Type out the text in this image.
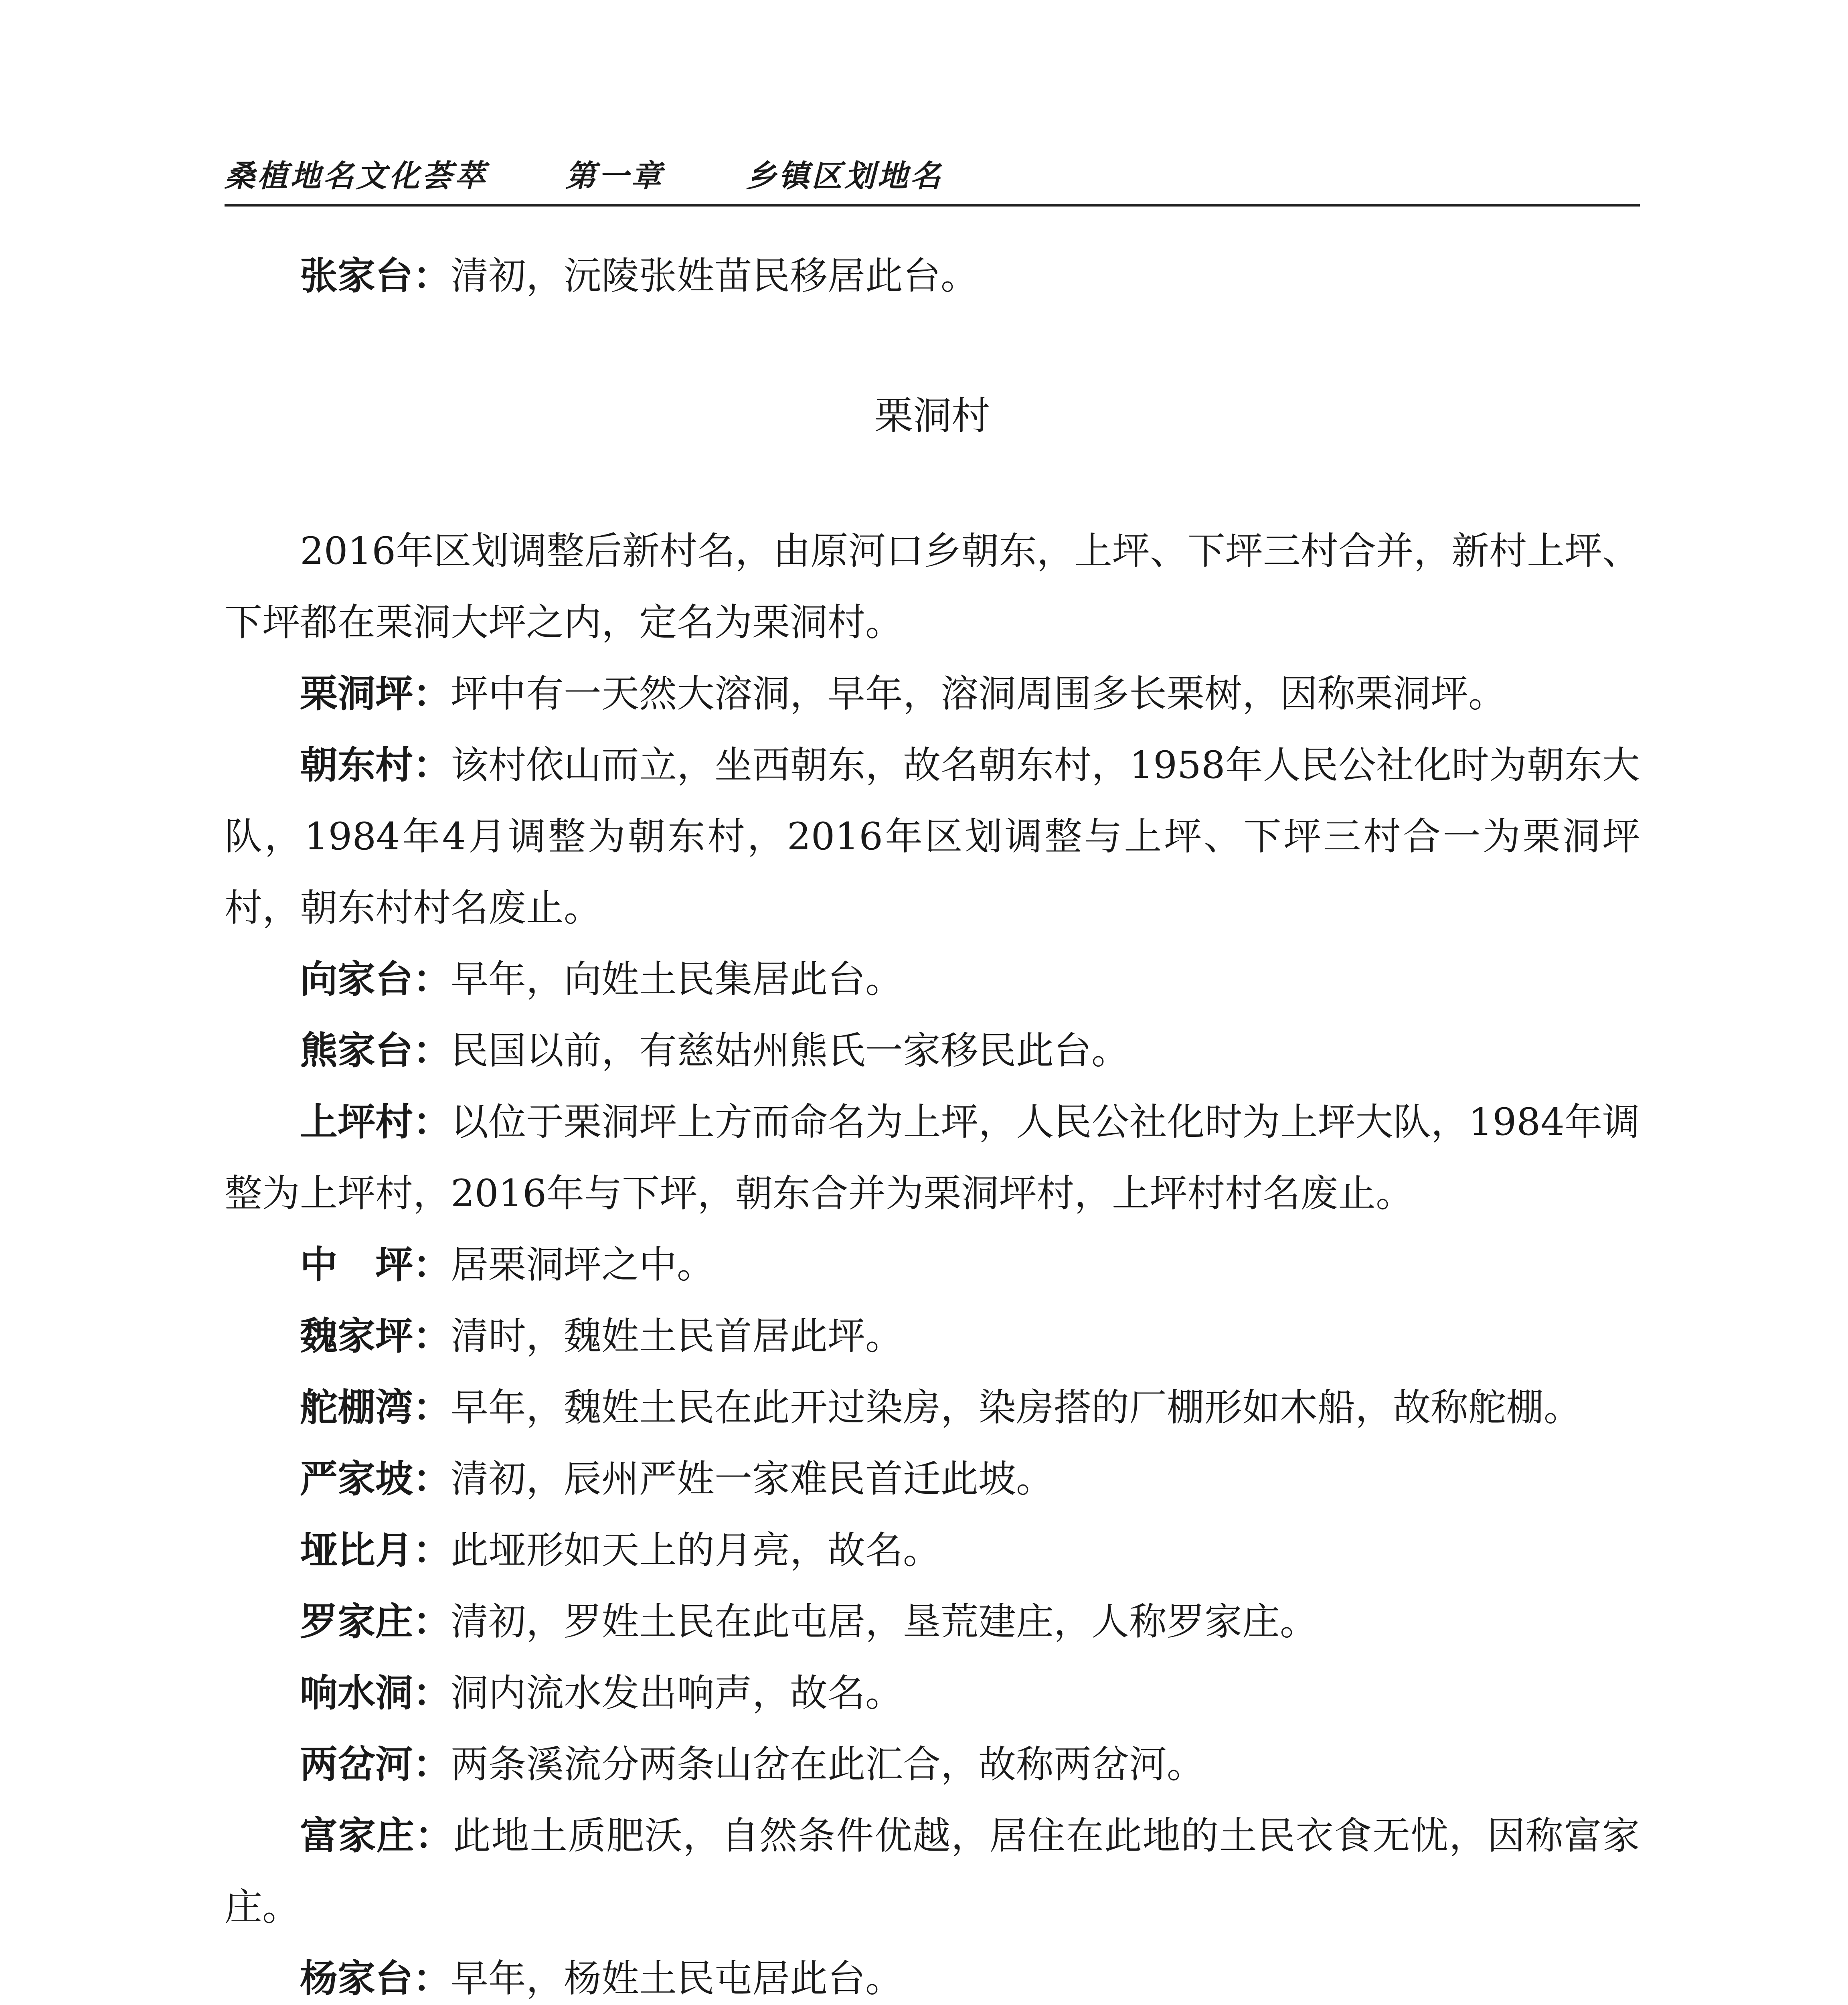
桑植地名文化荟萃	第一章	乡镇区划地名

张家台：清初，沅陵张姓苗民移居此台。

栗洞村

2016年区划调整后新村名，由原河口乡朝东，上坪、下坪三村合并，新村上坪、下坪都在栗洞大坪之内，定名为栗洞村。

栗洞坪：坪中有一天然大溶洞，早年，溶洞周围多长栗树，因称栗洞坪。

朝东村：该村依山而立，坐西朝东，故名朝东村，1958年人民公社化时为朝东大队，1984年4月调整为朝东村，2016年区划调整与上坪、下坪三村合一为栗洞坪村，朝东村村名废止。

向家台：早年，向姓土民集居此台。

熊家台：民国以前，有慈姑州熊氏一家移民此台。

上坪村：以位于栗洞坪上方而命名为上坪，人民公社化时为上坪大队，1984年调整为上坪村，2016年与下坪，朝东合并为栗洞坪村，上坪村村名废止。

中　坪：居栗洞坪之中。

魏家坪：清时，魏姓土民首居此坪。

舵棚湾：早年，魏姓土民在此开过染房，染房搭的厂棚形如木船，故称舵棚。

严家坡：清初，辰州严姓一家难民首迁此坡。

垭比月：此垭形如天上的月亮，故名。

罗家庄：清初，罗姓土民在此屯居，垦荒建庄，人称罗家庄。

响水洞：洞内流水发出响声，故名。

两岔河：两条溪流分两条山岔在此汇合，故称两岔河。

富家庄：此地土质肥沃，自然条件优越，居住在此地的土民衣食无忧，因称富家庄。

杨家台：早年，杨姓土民屯居此台。
